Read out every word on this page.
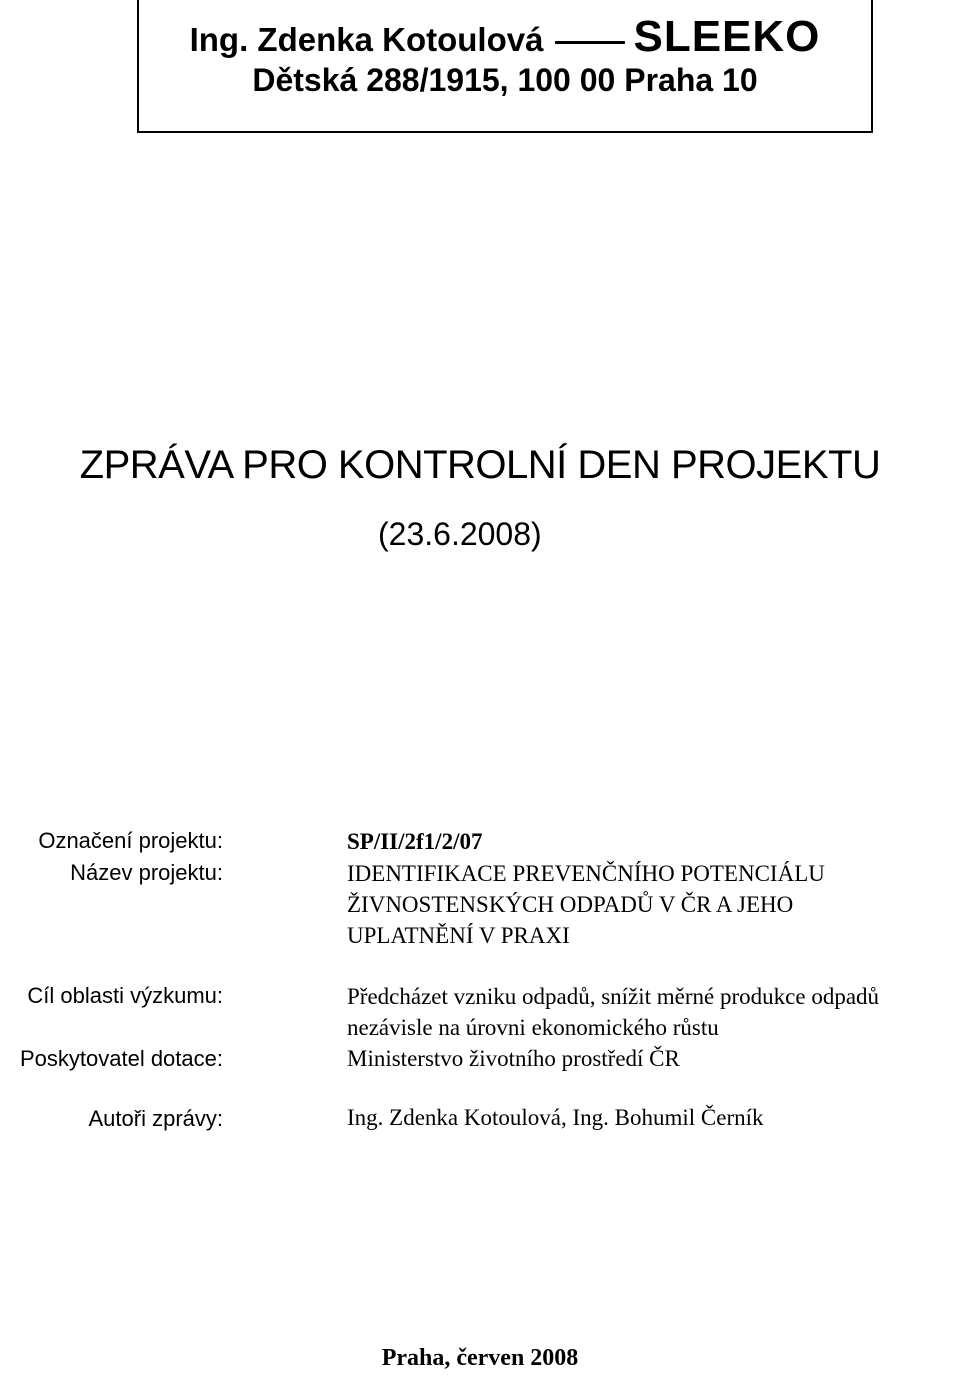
Ing. Zdenka Kotoulová SLEEKO
Dětská 288/1915, 100 00 Praha 10
ZPRÁVA PRO KONTROLNÍ DEN PROJEKTU
(23.6.2008)
Označení projektu:	SP/II/2f1/2/07
Název projektu:	IDENTIFIKACE PREVENČNÍHO POTENCIÁLU
ŽIVNOSTENSKÝCH ODPADŮ V ČR A JEHO
UPLATNĚNÍ V PRAXI
Cíl oblasti výzkumu:	Předcházet vzniku odpadů, snížit měrné produkce odpadů
nezávisle na úrovni ekonomického růstu
Poskytovatel dotace:	Ministerstvo životního prostředí ČR
Autoři zprávy:	Ing. Zdenka Kotoulová, Ing. Bohumil Černík
Praha, červen 2008
